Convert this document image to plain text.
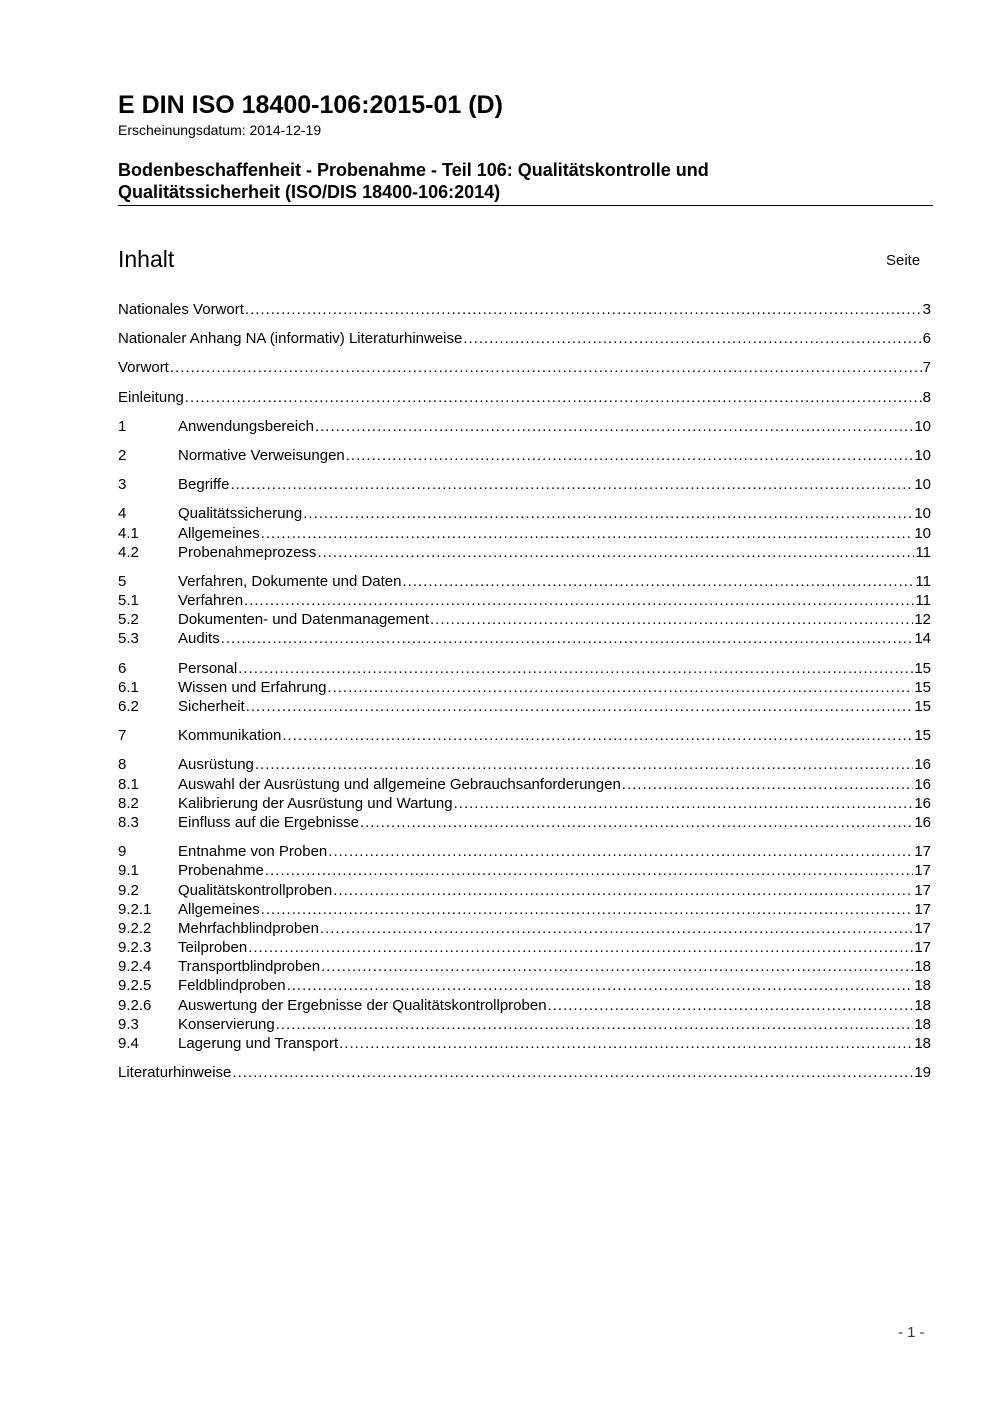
E DIN ISO 18400-106:2015-01 (D)
Erscheinungsdatum: 2014-12-19
Bodenbeschaffenheit - Probenahme - Teil 106: Qualitätskontrolle und
Qualitätssicherheit (ISO/DIS 18400-106:2014)
Inhalt	Seite
Nationales Vorwort .....	3
Nationaler Anhang NA (informativ) Literaturhinweise .....	6
Vorwort .....	7
Einleitung .....	8
1	Anwendungsbereich .....	10
2	Normative Verweisungen .....	10
3	Begriffe .....	10
4	Qualitätssicherung .....	10
4.1	Allgemeines .....	10
4.2	Probenahmeprozess .....	11
5	Verfahren, Dokumente und Daten .....	11
5.1	Verfahren .....	11
5.2	Dokumenten- und Datenmanagement .....	12
5.3	Audits .....	14
6	Personal .....	15
6.1	Wissen und Erfahrung .....	15
6.2	Sicherheit .....	15
7	Kommunikation .....	15
8	Ausrüstung .....	16
8.1	Auswahl der Ausrüstung und allgemeine Gebrauchsanforderungen .....	16
8.2	Kalibrierung der Ausrüstung und Wartung .....	16
8.3	Einfluss auf die Ergebnisse .....	16
9	Entnahme von Proben .....	17
9.1	Probenahme .....	17
9.2	Qualitätskontrollproben .....	17
9.2.1	Allgemeines .....	17
9.2.2	Mehrfachblindproben .....	17
9.2.3	Teilproben .....	17
9.2.4	Transportblindproben .....	18
9.2.5	Feldblindproben .....	18
9.2.6	Auswertung der Ergebnisse der Qualitätskontrollproben .....	18
9.3	Konservierung .....	18
9.4	Lagerung und Transport .....	18
Literaturhinweise .....	19
- 1 -
